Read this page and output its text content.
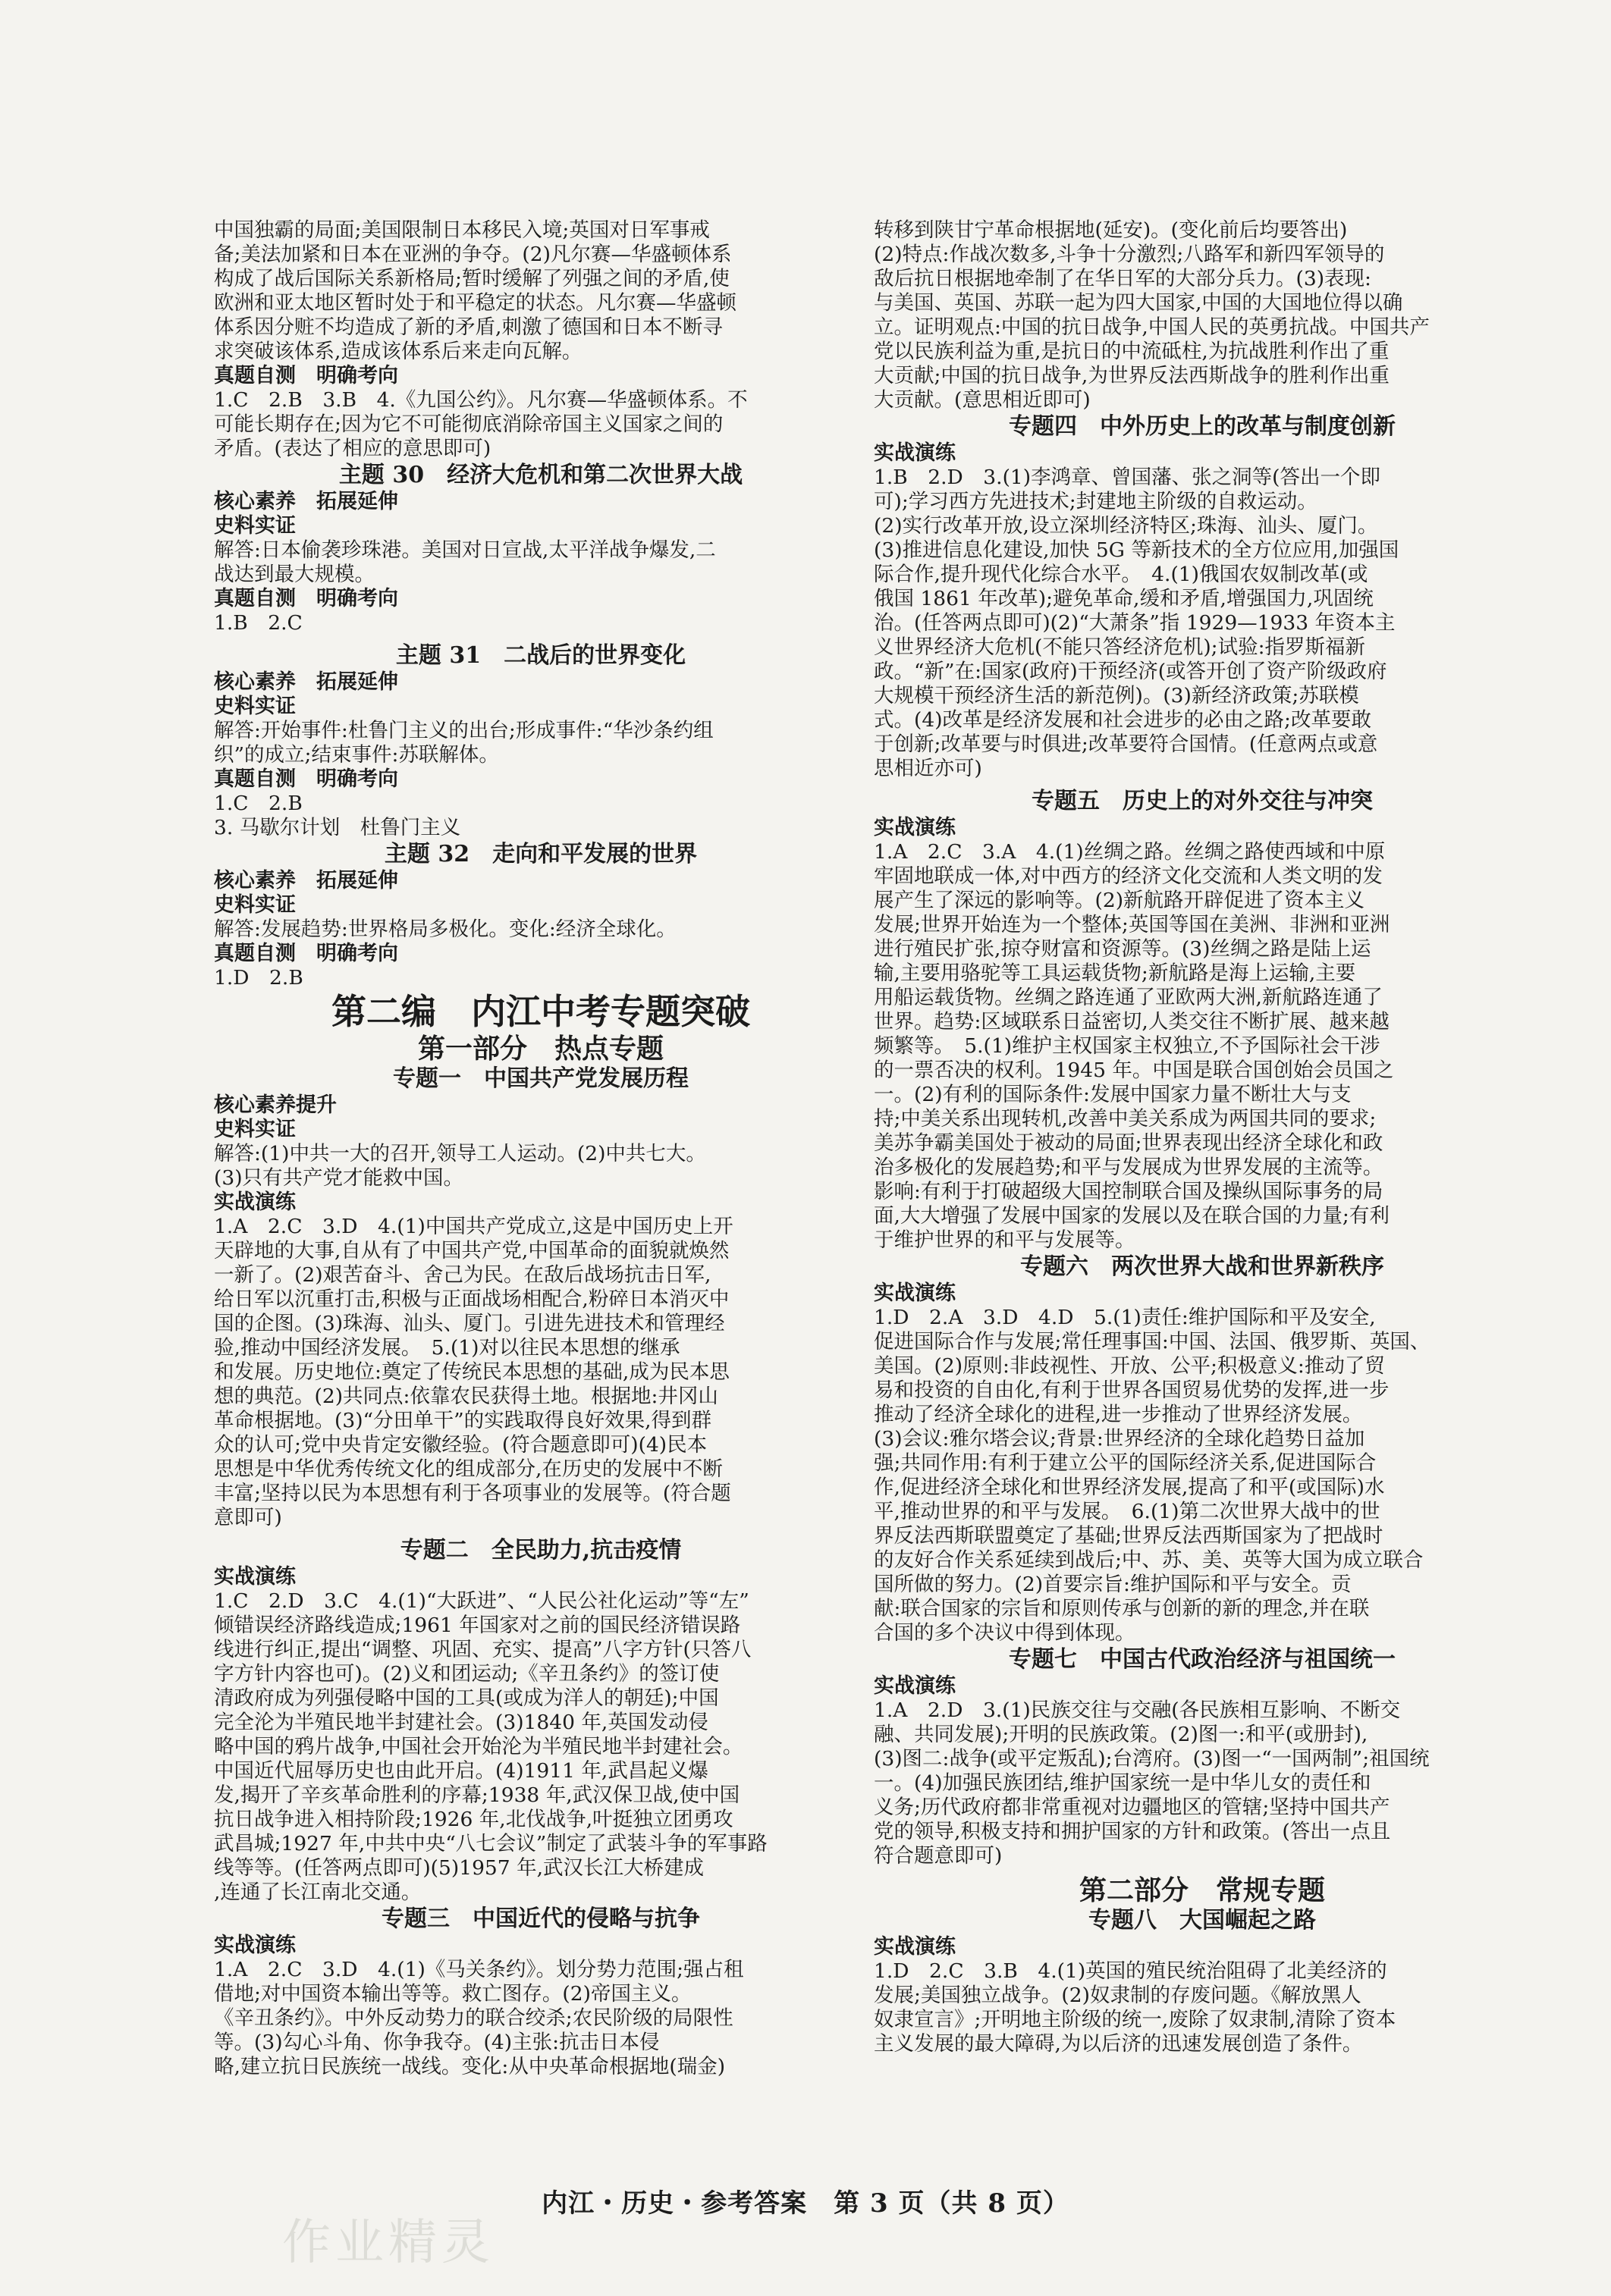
中国独霸的局面;美国限制日本移民入境;英国对日军事戒
备;美法加紧和日本在亚洲的争夺。(2)凡尔赛—华盛顿体系
构成了战后国际关系新格局;暂时缓解了列强之间的矛盾,使
欧洲和亚太地区暂时处于和平稳定的状态。凡尔赛—华盛顿
体系因分赃不均造成了新的矛盾,刺激了德国和日本不断寻
求突破该体系,造成该体系后来走向瓦解。
真题自测　明确考向
1.C　2.B　3.B　4.《九国公约》。凡尔赛—华盛顿体系。不
可能长期存在;因为它不可能彻底消除帝国主义国家之间的
矛盾。(表达了相应的意思即可)
主题 30　经济大危机和第二次世界大战
核心素养　拓展延伸
史料实证
解答:日本偷袭珍珠港。美国对日宣战,太平洋战争爆发,二
战达到最大规模。
真题自测　明确考向
1.B　2.C
主题 31　二战后的世界变化
核心素养　拓展延伸
史料实证
解答:开始事件:杜鲁门主义的出台;形成事件:“华沙条约组
织”的成立;结束事件:苏联解体。
真题自测　明确考向
1.C　2.B
3. 马歇尔计划　杜鲁门主义
主题 32　走向和平发展的世界
核心素养　拓展延伸
史料实证
解答:发展趋势:世界格局多极化。变化:经济全球化。
真题自测　明确考向
1.D　2.B
第二编　内江中考专题突破
第一部分　热点专题
专题一　中国共产党发展历程
核心素养提升
史料实证
解答:(1)中共一大的召开,领导工人运动。(2)中共七大。
(3)只有共产党才能救中国。
实战演练
1.A　2.C　3.D　4.(1)中国共产党成立,这是中国历史上开
天辟地的大事,自从有了中国共产党,中国革命的面貌就焕然
一新了。(2)艰苦奋斗、舍己为民。在敌后战场抗击日军,
给日军以沉重打击,积极与正面战场相配合,粉碎日本消灭中
国的企图。(3)珠海、汕头、厦门。引进先进技术和管理经
验,推动中国经济发展。　5.(1)对以往民本思想的继承
和发展。历史地位:奠定了传统民本思想的基础,成为民本思
想的典范。(2)共同点:依靠农民获得土地。根据地:井冈山
革命根据地。(3)“分田单干”的实践取得良好效果,得到群
众的认可;党中央肯定安徽经验。(符合题意即可)(4)民本
思想是中华优秀传统文化的组成部分,在历史的发展中不断
丰富;坚持以民为本思想有利于各项事业的发展等。(符合题
意即可)
专题二　全民助力,抗击疫情
实战演练
1.C　2.D　3.C　4.(1)“大跃进”、“人民公社化运动”等“左”
倾错误经济路线造成;1961 年国家对之前的国民经济错误路
线进行纠正,提出“调整、巩固、充实、提高”八字方针(只答八
字方针内容也可)。(2)义和团运动;《辛丑条约》的签订使
清政府成为列强侵略中国的工具(或成为洋人的朝廷);中国
完全沦为半殖民地半封建社会。(3)1840 年,英国发动侵
略中国的鸦片战争,中国社会开始沦为半殖民地半封建社会。
中国近代屈辱历史也由此开启。(4)1911 年,武昌起义爆
发,揭开了辛亥革命胜利的序幕;1938 年,武汉保卫战,使中国
抗日战争进入相持阶段;1926 年,北伐战争,叶挺独立团勇攻
武昌城;1927 年,中共中央“八七会议”制定了武装斗争的军事路
线等等。(任答两点即可)(5)1957 年,武汉长江大桥建成
,连通了长江南北交通。
专题三　中国近代的侵略与抗争
实战演练
1.A　2.C　3.D　4.(1)《马关条约》。划分势力范围;强占租
借地;对中国资本输出等等。救亡图存。(2)帝国主义。
《辛丑条约》。中外反动势力的联合绞杀;农民阶级的局限性
等。(3)勾心斗角、你争我夺。(4)主张:抗击日本侵
略,建立抗日民族统一战线。变化:从中央革命根据地(瑞金)
转移到陕甘宁革命根据地(延安)。(变化前后均要答出)
(2)特点:作战次数多,斗争十分激烈;八路军和新四军领导的
敌后抗日根据地牵制了在华日军的大部分兵力。(3)表现:
与美国、英国、苏联一起为四大国家,中国的大国地位得以确
立。证明观点:中国的抗日战争,中国人民的英勇抗战。中国共产
党以民族利益为重,是抗日的中流砥柱,为抗战胜利作出了重
大贡献;中国的抗日战争,为世界反法西斯战争的胜利作出重
大贡献。(意思相近即可)
专题四　中外历史上的改革与制度创新
实战演练
1.B　2.D　3.(1)李鸿章、曾国藩、张之洞等(答出一个即
可);学习西方先进技术;封建地主阶级的自救运动。
(2)实行改革开放,设立深圳经济特区;珠海、汕头、厦门。
(3)推进信息化建设,加快 5G 等新技术的全方位应用,加强国
际合作,提升现代化综合水平。　4.(1)俄国农奴制改革(或
俄国 1861 年改革);避免革命,缓和矛盾,增强国力,巩固统
治。(任答两点即可)(2)“大萧条”指 1929—1933 年资本主
义世界经济大危机(不能只答经济危机);试验:指罗斯福新
政。“新”在:国家(政府)干预经济(或答开创了资产阶级政府
大规模干预经济生活的新范例)。(3)新经济政策;苏联模
式。(4)改革是经济发展和社会进步的必由之路;改革要敢
于创新;改革要与时俱进;改革要符合国情。(任意两点或意
思相近亦可)
专题五　历史上的对外交往与冲突
实战演练
1.A　2.C　3.A　4.(1)丝绸之路。丝绸之路使西域和中原
牢固地联成一体,对中西方的经济文化交流和人类文明的发
展产生了深远的影响等。(2)新航路开辟促进了资本主义
发展;世界开始连为一个整体;英国等国在美洲、非洲和亚洲
进行殖民扩张,掠夺财富和资源等。(3)丝绸之路是陆上运
输,主要用骆驼等工具运载货物;新航路是海上运输,主要
用船运载货物。丝绸之路连通了亚欧两大洲,新航路连通了
世界。趋势:区域联系日益密切,人类交往不断扩展、越来越
频繁等。　5.(1)维护主权国家主权独立,不予国际社会干涉
的一票否决的权利。1945 年。中国是联合国创始会员国之
一。(2)有利的国际条件:发展中国家力量不断壮大与支
持;中美关系出现转机,改善中美关系成为两国共同的要求;
美苏争霸美国处于被动的局面;世界表现出经济全球化和政
治多极化的发展趋势;和平与发展成为世界发展的主流等。
影响:有利于打破超级大国控制联合国及操纵国际事务的局
面,大大增强了发展中国家的发展以及在联合国的力量;有利
于维护世界的和平与发展等。
专题六　两次世界大战和世界新秩序
实战演练
1.D　2.A　3.D　4.D　5.(1)责任:维护国际和平及安全,
促进国际合作与发展;常任理事国:中国、法国、俄罗斯、英国、
美国。(2)原则:非歧视性、开放、公平;积极意义:推动了贸
易和投资的自由化,有利于世界各国贸易优势的发挥,进一步
推动了经济全球化的进程,进一步推动了世界经济发展。
(3)会议:雅尔塔会议;背景:世界经济的全球化趋势日益加
强;共同作用:有利于建立公平的国际经济关系,促进国际合
作,促进经济全球化和世界经济发展,提高了和平(或国际)水
平,推动世界的和平与发展。　6.(1)第二次世界大战中的世
界反法西斯联盟奠定了基础;世界反法西斯国家为了把战时
的友好合作关系延续到战后;中、苏、美、英等大国为成立联合
国所做的努力。(2)首要宗旨:维护国际和平与安全。贡
献:联合国家的宗旨和原则传承与创新的新的理念,并在联
合国的多个决议中得到体现。
专题七　中国古代政治经济与祖国统一
实战演练
1.A　2.D　3.(1)民族交往与交融(各民族相互影响、不断交
融、共同发展);开明的民族政策。(2)图一:和平(或册封),
(3)图二:战争(或平定叛乱);台湾府。(3)图一“一国两制”;祖国统
一。(4)加强民族团结,维护国家统一是中华儿女的责任和
义务;历代政府都非常重视对边疆地区的管辖;坚持中国共产
党的领导,积极支持和拥护国家的方针和政策。(答出一点且
符合题意即可)
第二部分　常规专题
专题八　大国崛起之路
实战演练
1.D　2.C　3.B　4.(1)英国的殖民统治阻碍了北美经济的
发展;美国独立战争。(2)奴隶制的存废问题。《解放黑人
奴隶宣言》;开明地主阶级的统一,废除了奴隶制,清除了资本
主义发展的最大障碍,为以后济的迅速发展创造了条件。
内江・历史・参考答案　第 3 页（共 8 页）
作业精灵
